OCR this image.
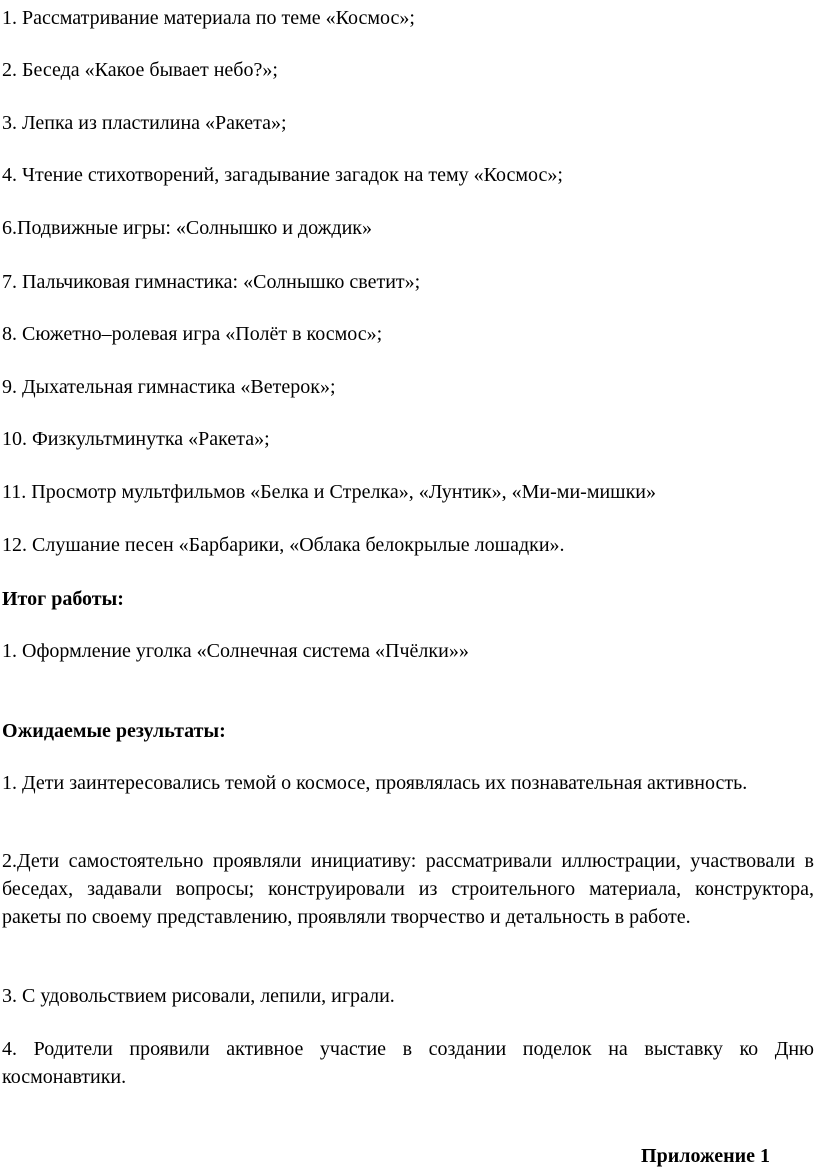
1. Рассматривание материала по теме «Космос»;
2. Беседа «Какое бывает небо?»;
3. Лепка из пластилина «Ракета»;
4. Чтение стихотворений, загадывание загадок на тему «Космос»;
6.Подвижные игры: «Солнышко и дождик»
7. Пальчиковая гимнастика: «Солнышко светит»;
8. Сюжетно–ролевая игра «Полёт в космос»;
9. Дыхательная гимнастика «Ветерок»;
10. Физкультминутка «Ракета»;
11. Просмотр мультфильмов «Белка и Стрелка», «Лунтик», «Ми-ми-мишки»
12. Слушание песен «Барбарики, «Облака белокрылые лошадки».
Итог работы:
1. Оформление уголка «Солнечная система «Пчёлки»»
Ожидаемые результаты:
1. Дети заинтересовались темой о космосе, проявлялась их познавательная активность.
2.Дети самостоятельно проявляли инициативу: рассматривали иллюстрации, участвовали в беседах, задавали вопросы; конструировали из строительного материала, конструктора, ракеты по своему представлению, проявляли творчество и детальность в работе.
3. С удовольствием рисовали, лепили, играли.
4. Родители проявили активное участие в создании поделок на выставку ко Дню космонавтики.
Приложение 1
